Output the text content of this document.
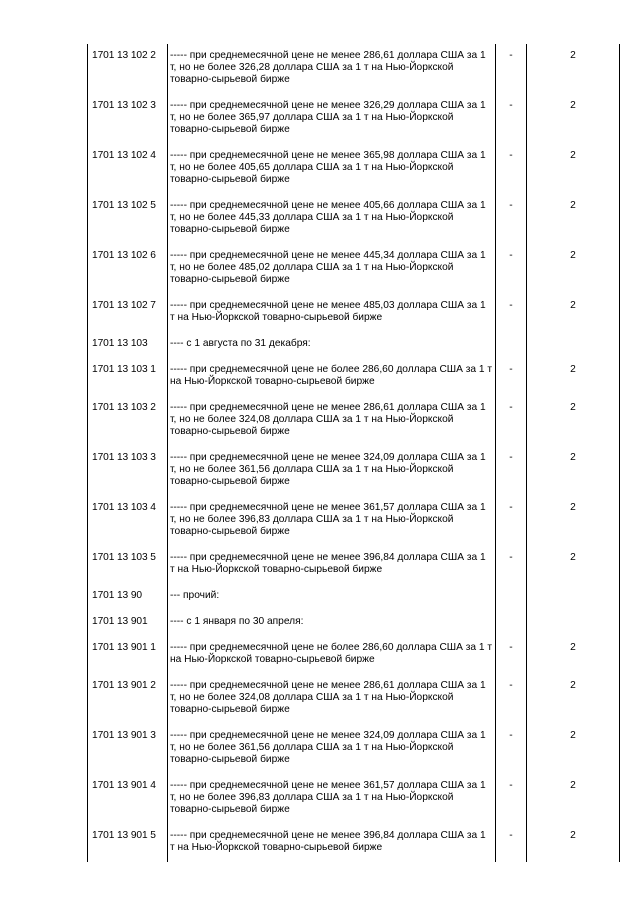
1701 13 102 2	----- при среднемесячной цене не менее 286,61 доллара США за 1 т, но не более 326,28 доллара США за 1 т на Нью-Йоркской товарно-сырьевой бирже	-	2
1701 13 102 3	----- при среднемесячной цене не менее 326,29 доллара США за 1 т, но не более 365,97 доллара США за 1 т на Нью-Йоркской товарно-сырьевой бирже	-	2
1701 13 102 4	----- при среднемесячной цене не менее 365,98 доллара США за 1 т, но не более 405,65 доллара США за 1 т на Нью-Йоркской товарно-сырьевой бирже	-	2
1701 13 102 5	----- при среднемесячной цене не менее 405,66 доллара США за 1 т, но не более 445,33 доллара США за 1 т на Нью-Йоркской товарно-сырьевой бирже	-	2
1701 13 102 6	----- при среднемесячной цене не менее 445,34 доллара США за 1 т, но не более 485,02 доллара США за 1 т на Нью-Йоркской товарно-сырьевой бирже	-	2
1701 13 102 7	----- при среднемесячной цене не менее 485,03 доллара США за 1 т на Нью-Йоркской товарно-сырьевой бирже	-	2
1701 13 103	---- с 1 августа по 31 декабря:		
1701 13 103 1	----- при среднемесячной цене не более 286,60 доллара США за 1 т на Нью-Йоркской товарно-сырьевой бирже	-	2
1701 13 103 2	----- при среднемесячной цене не менее 286,61 доллара США за 1 т, но не более 324,08 доллара США за 1 т на Нью-Йоркской товарно-сырьевой бирже	-	2
1701 13 103 3	----- при среднемесячной цене не менее 324,09 доллара США за 1 т, но не более 361,56 доллара США за 1 т на Нью-Йоркской товарно-сырьевой бирже	-	2
1701 13 103 4	----- при среднемесячной цене не менее 361,57 доллара США за 1 т, но не более 396,83 доллара США за 1 т на Нью-Йоркской товарно-сырьевой бирже	-	2
1701 13 103 5	----- при среднемесячной цене не менее 396,84 доллара США за 1 т на Нью-Йоркской товарно-сырьевой бирже	-	2
1701 13 90	--- прочий:		
1701 13 901	---- с 1 января по 30 апреля:		
1701 13 901 1	----- при среднемесячной цене не более 286,60 доллара США за 1 т на Нью-Йоркской товарно-сырьевой бирже	-	2
1701 13 901 2	----- при среднемесячной цене не менее 286,61 доллара США за 1 т, но не более 324,08 доллара США за 1 т на Нью-Йоркской товарно-сырьевой бирже	-	2
1701 13 901 3	----- при среднемесячной цене не менее 324,09 доллара США за 1 т, но не более 361,56 доллара США за 1 т на Нью-Йоркской товарно-сырьевой бирже	-	2
1701 13 901 4	----- при среднемесячной цене не менее 361,57 доллара США за 1 т, но не более 396,83 доллара США за 1 т на Нью-Йоркской товарно-сырьевой бирже	-	2
1701 13 901 5	----- при среднемесячной цене не менее 396,84 доллара США за 1 т на Нью-Йоркской товарно-сырьевой бирже	-	2
